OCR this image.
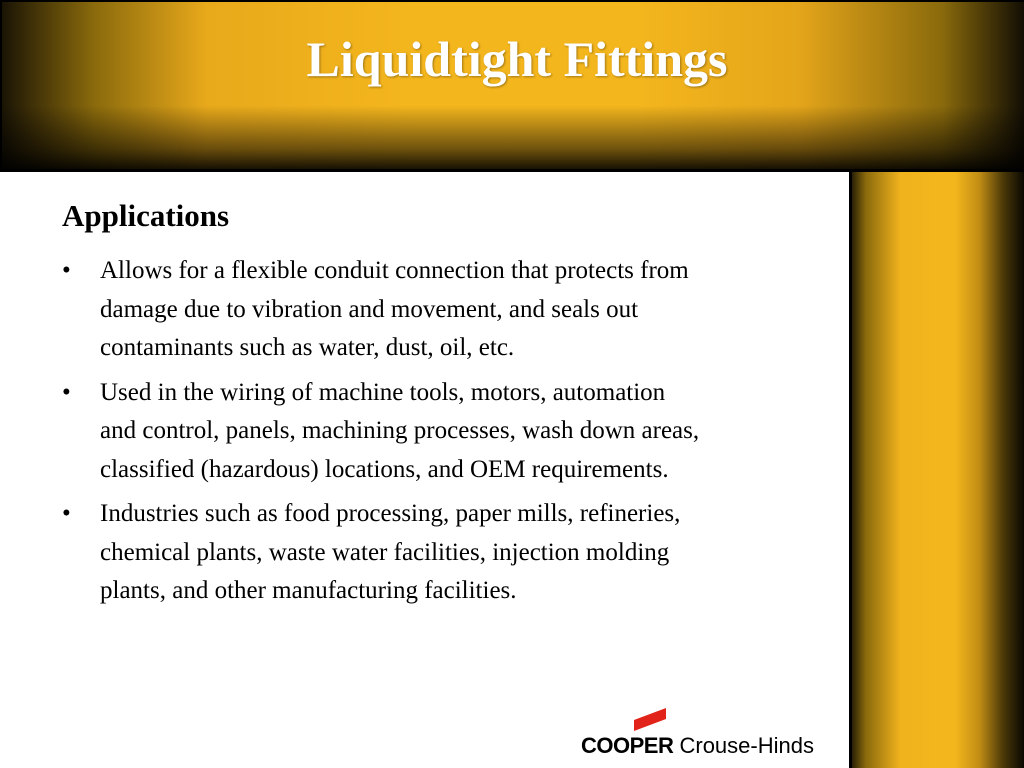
Liquidtight Fittings
Applications
•	Allows for a flexible conduit connection that protects from damage due to vibration and movement, and seals out contaminants such as water, dust, oil, etc.
•	Used in the wiring of machine tools, motors, automation and control, panels, machining processes, wash down areas, classified (hazardous) locations, and OEM requirements.
•	Industries such as food processing, paper mills, refineries, chemical plants, waste water facilities, injection molding plants, and other manufacturing facilities.
COOPER Crouse-Hinds
